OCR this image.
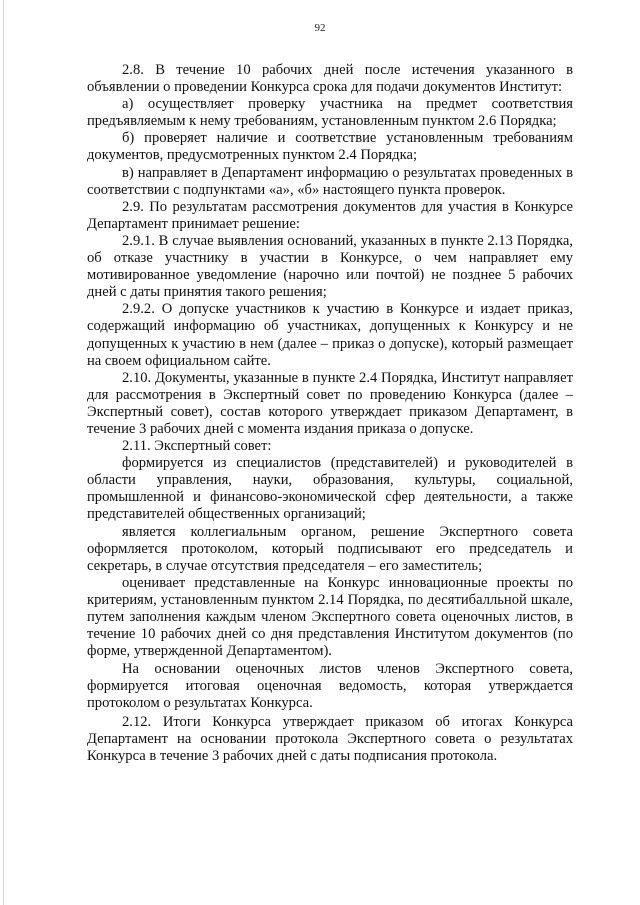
92

2.8. В течение 10 рабочих дней после истечения указанного в объявлении о проведении Конкурса срока для подачи документов Институт:

а) осуществляет проверку участника на предмет соответствия предъявляемым к нему требованиям, установленным пунктом 2.6 Порядка;

б) проверяет наличие и соответствие установленным требованиям документов, предусмотренных пунктом 2.4 Порядка;

в) направляет в Департамент информацию о результатах проведенных в соответствии с подпунктами «а», «б» настоящего пункта проверок.

2.9. По результатам рассмотрения документов для участия в Конкурсе Департамент принимает решение:

2.9.1. В случае выявления оснований, указанных в пункте 2.13 Порядка, об отказе участнику в участии в Конкурсе, о чем направляет ему мотивированное уведомление (нарочно или почтой) не позднее 5 рабочих дней с даты принятия такого решения;

2.9.2. О допуске участников к участию в Конкурсе и издает приказ, содержащий информацию об участниках, допущенных к Конкурсу и не допущенных к участию в нем (далее – приказ о допуске), который размещает на своем официальном сайте.

2.10. Документы, указанные в пункте 2.4 Порядка, Институт направляет для рассмотрения в Экспертный совет по проведению Конкурса (далее – Экспертный совет), состав которого утверждает приказом Департамент, в течение 3 рабочих дней с момента издания приказа о допуске.

2.11. Экспертный совет:

формируется из специалистов (представителей) и руководителей в области управления, науки, образования, культуры, социальной, промышленной и финансово-экономической сфер деятельности, а также представителей общественных организаций;

является коллегиальным органом, решение Экспертного совета оформляется протоколом, который подписывают его председатель и секретарь, в случае отсутствия председателя – его заместитель;

оценивает представленные на Конкурс инновационные проекты по критериям, установленным пунктом 2.14 Порядка, по десятибалльной шкале, путем заполнения каждым членом Экспертного совета оценочных листов, в течение 10 рабочих дней со дня представления Институтом документов (по форме, утвержденной Департаментом).

На основании оценочных листов членов Экспертного совета, формируется итоговая оценочная ведомость, которая утверждается протоколом о результатах Конкурса.

2.12. Итоги Конкурса утверждает приказом об итогах Конкурса Департамент на основании протокола Экспертного совета о результатах Конкурса в течение 3 рабочих дней с даты подписания протокола.
